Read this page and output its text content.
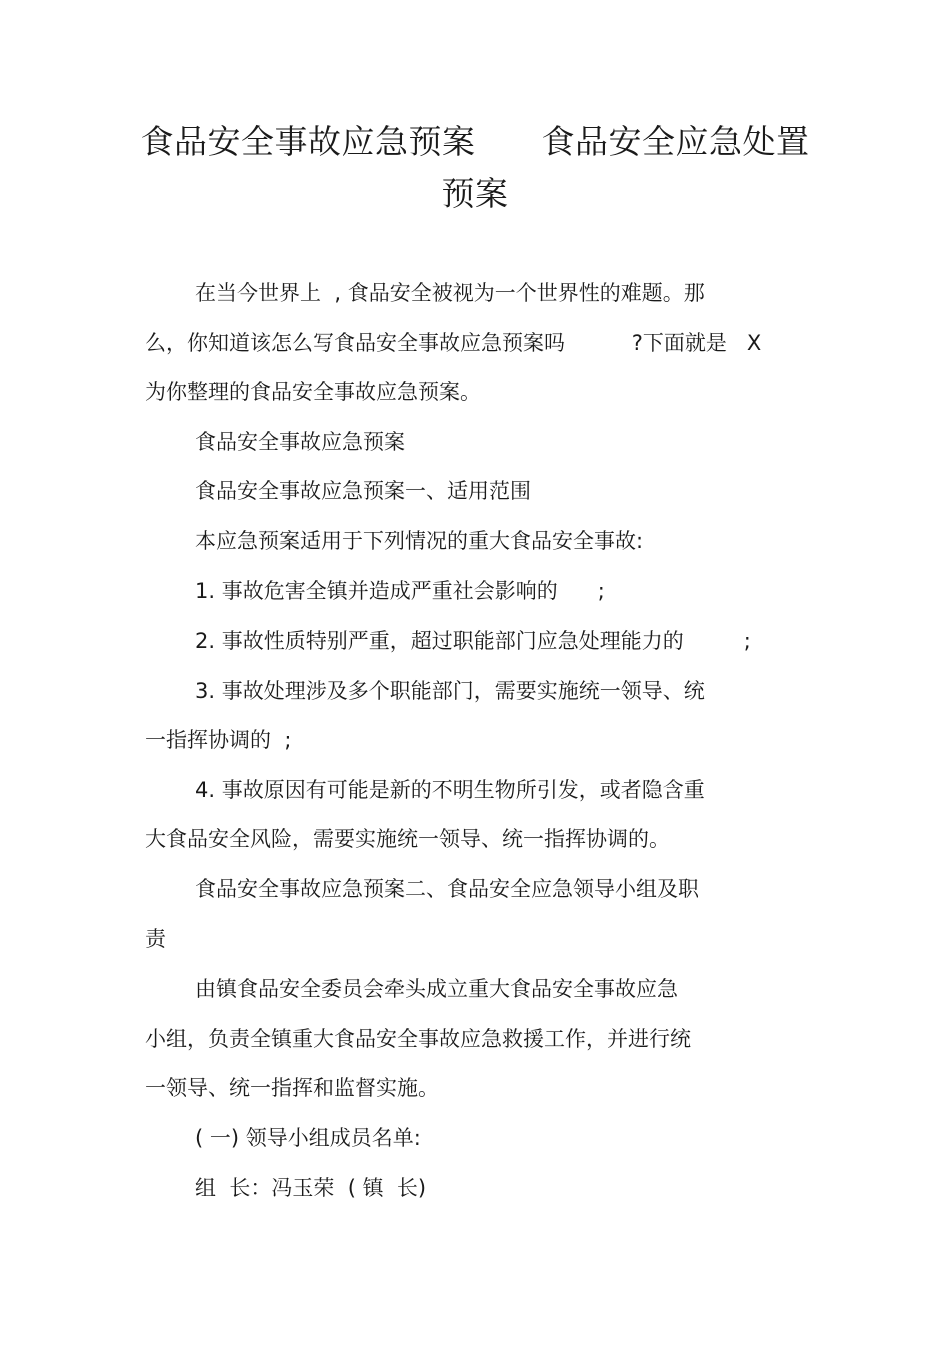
食品安全事故应急预案      食品安全应急处置
预案
在当今世界上  , 食品安全被视为一个世界性的难题。那
么，你知道该怎么写食品安全事故应急预案吗          ?下面就是   X
为你整理的食品安全事故应急预案。
食品安全事故应急预案
食品安全事故应急预案一、适用范围
本应急预案适用于下列情况的重大食品安全事故:
1. 事故危害全镇并造成严重社会影响的      ;
2. 事故性质特别严重，超过职能部门应急处理能力的         ;
3. 事故处理涉及多个职能部门，需要实施统一领导、统
一指挥协调的  ;
4. 事故原因有可能是新的不明生物所引发，或者隐含重
大食品安全风险，需要实施统一领导、统一指挥协调的。
食品安全事故应急预案二、食品安全应急领导小组及职
责
由镇食品安全委员会牵头成立重大食品安全事故应急
小组，负责全镇重大食品安全事故应急救援工作，并进行统
一领导、统一指挥和监督实施。
( 一) 领导小组成员名单:
组  长：冯玉荣  ( 镇  长)
